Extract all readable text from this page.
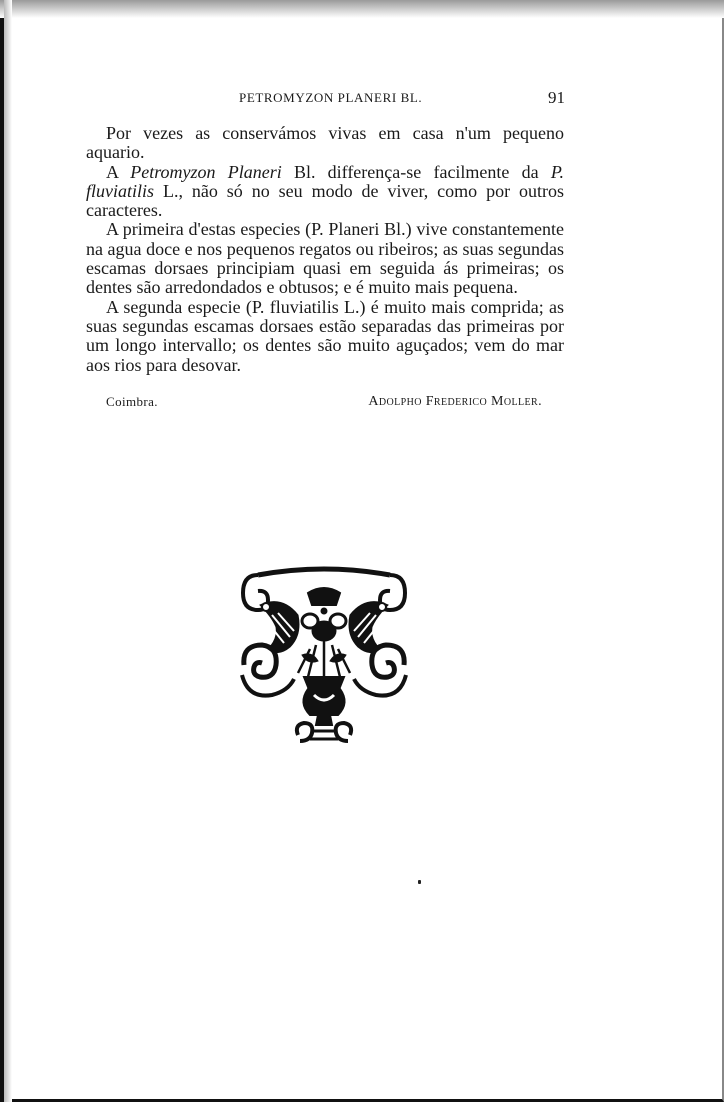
PETROMYZON PLANERI BL.	91

Por vezes as conservámos vivas em casa n'um pequeno aquario.

A Petromyzon Planeri Bl. differença-se facilmente da P. fluviatilis L., não só no seu modo de viver, como por outros caracteres.

A primeira d'estas especies (P. Planeri Bl.) vive constantemente na agua doce e nos pequenos regatos ou ribeiros; as suas segundas escamas dorsaes principiam quasi em seguida ás primeiras; os dentes são arredondados e obtusos; e é muito mais pequena.

A segunda especie (P. fluviatilis L.) é muito mais comprida; as suas segundas escamas dorsaes estão separadas das primeiras por um longo intervallo; os dentes são muito aguçados; vem do mar aos rios para desovar.

Coimbra.	Adolpho Frederico Moller.
